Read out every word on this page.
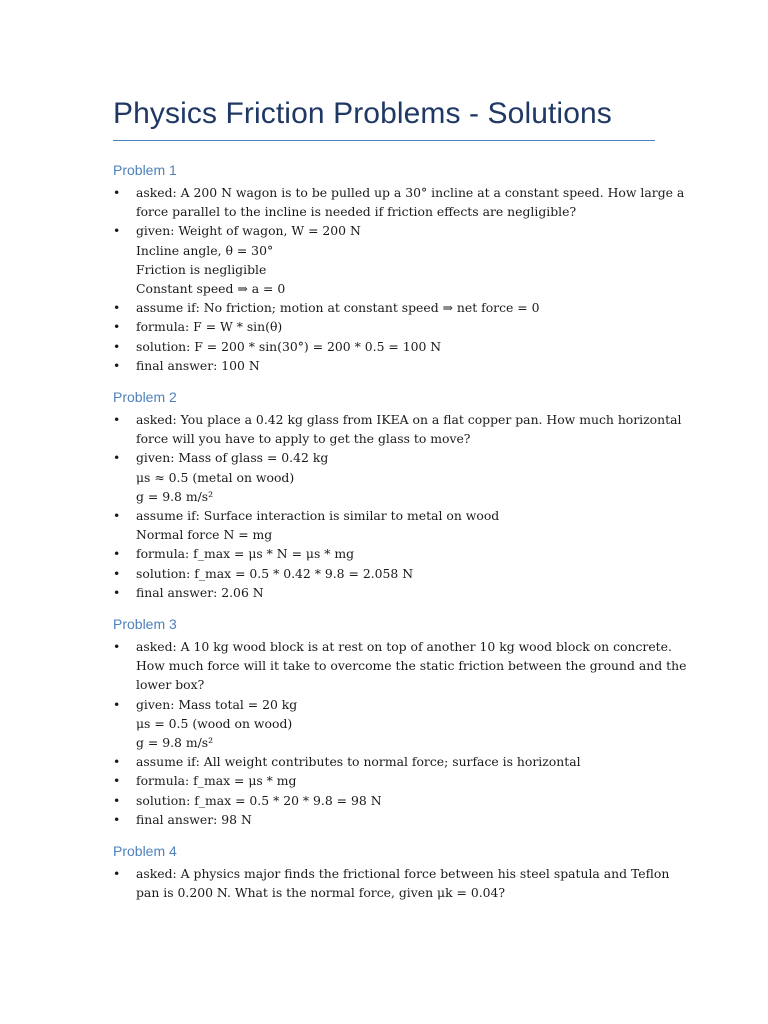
Physics Friction Problems - Solutions
Problem 1
•	asked: A 200 N wagon is to be pulled up a 30° incline at a constant speed. How large a
force parallel to the incline is needed if friction effects are negligible?
•	given: Weight of wagon, W = 200 N
Incline angle, θ = 30°
Friction is negligible
Constant speed ⇒ a = 0
•	assume if: No friction; motion at constant speed ⇒ net force = 0
•	formula: F = W * sin(θ)
•	solution: F = 200 * sin(30°) = 200 * 0.5 = 100 N
•	final answer: 100 N
Problem 2
•	asked: You place a 0.42 kg glass from IKEA on a flat copper pan. How much horizontal
force will you have to apply to get the glass to move?
•	given: Mass of glass = 0.42 kg
μs ≈ 0.5 (metal on wood)
g = 9.8 m/s²
•	assume if: Surface interaction is similar to metal on wood
Normal force N = mg
•	formula: f_max = μs * N = μs * mg
•	solution: f_max = 0.5 * 0.42 * 9.8 = 2.058 N
•	final answer: 2.06 N
Problem 3
•	asked: A 10 kg wood block is at rest on top of another 10 kg wood block on concrete.
How much force will it take to overcome the static friction between the ground and the
lower box?
•	given: Mass total = 20 kg
μs = 0.5 (wood on wood)
g = 9.8 m/s²
•	assume if: All weight contributes to normal force; surface is horizontal
•	formula: f_max = μs * mg
•	solution: f_max = 0.5 * 20 * 9.8 = 98 N
•	final answer: 98 N
Problem 4
•	asked: A physics major finds the frictional force between his steel spatula and Teflon
pan is 0.200 N. What is the normal force, given μk = 0.04?
